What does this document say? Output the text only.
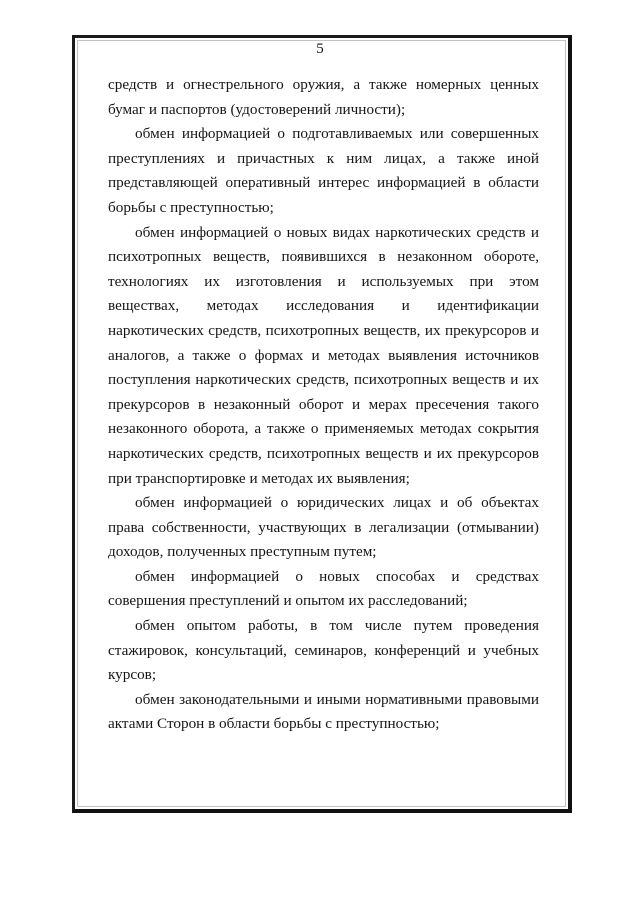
5

средств и огнестрельного оружия, а также номерных ценных бумаг и паспортов (удостоверений личности);

обмен информацией о подготавливаемых или совершенных преступлениях и причастных к ним лицах, а также иной представляющей оперативный интерес информацией в области борьбы с преступностью;

обмен информацией о новых видах наркотических средств и психотропных веществ, появившихся в незаконном обороте, технологиях их изготовления и используемых при этом веществах, методах исследования и идентификации наркотических средств, психотропных веществ, их прекурсоров и аналогов, а также о формах и методах выявления источников поступления наркотических средств, психотропных веществ и их прекурсоров в незаконный оборот и мерах пресечения такого незаконного оборота, а также о применяемых методах сокрытия наркотических средств, психотропных веществ и их прекурсоров при транспортировке и методах их выявления;

обмен информацией о юридических лицах и об объектах права собственности, участвующих в легализации (отмывании) доходов, полученных преступным путем;

обмен информацией о новых способах и средствах совершения преступлений и опытом их расследований;

обмен опытом работы, в том числе путем проведения стажировок, консультаций, семинаров, конференций и учебных курсов;

обмен законодательными и иными нормативными правовыми актами Сторон в области борьбы с преступностью;
